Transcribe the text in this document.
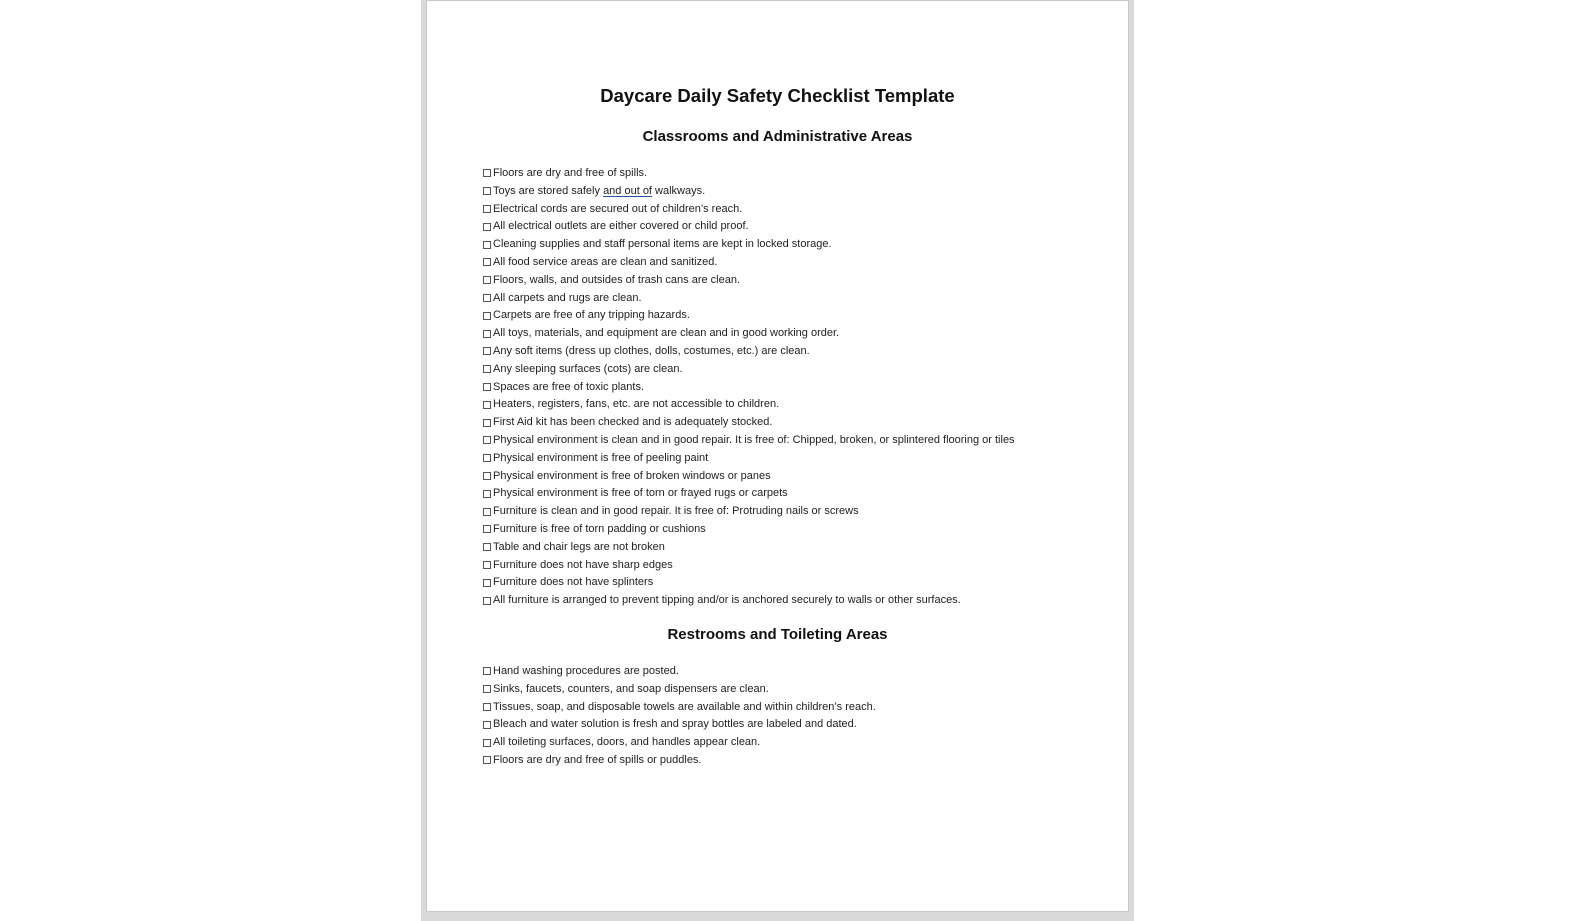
Daycare Daily Safety Checklist Template
Classrooms and Administrative Areas
Floors are dry and free of spills.
Toys are stored safely and out of walkways.
Electrical cords are secured out of children’s reach.
All electrical outlets are either covered or child proof.
Cleaning supplies and staff personal items are kept in locked storage.
All food service areas are clean and sanitized.
Floors, walls, and outsides of trash cans are clean.
All carpets and rugs are clean.
Carpets are free of any tripping hazards.
All toys, materials, and equipment are clean and in good working order.
Any soft items (dress up clothes, dolls, costumes, etc.) are clean.
Any sleeping surfaces (cots) are clean.
Spaces are free of toxic plants.
Heaters, registers, fans, etc. are not accessible to children.
First Aid kit has been checked and is adequately stocked.
Physical environment is clean and in good repair. It is free of: Chipped, broken, or splintered flooring or tiles
Physical environment is free of peeling paint
Physical environment is free of broken windows or panes
Physical environment is free of torn or frayed rugs or carpets
Furniture is clean and in good repair. It is free of: Protruding nails or screws
Furniture is free of torn padding or cushions
Table and chair legs are not broken
Furniture does not have sharp edges
Furniture does not have splinters
All furniture is arranged to prevent tipping and/or is anchored securely to walls or other surfaces.
Restrooms and Toileting Areas
Hand washing procedures are posted.
Sinks, faucets, counters, and soap dispensers are clean.
Tissues, soap, and disposable towels are available and within children’s reach.
Bleach and water solution is fresh and spray bottles are labeled and dated.
All toileting surfaces, doors, and handles appear clean.
Floors are dry and free of spills or puddles.
